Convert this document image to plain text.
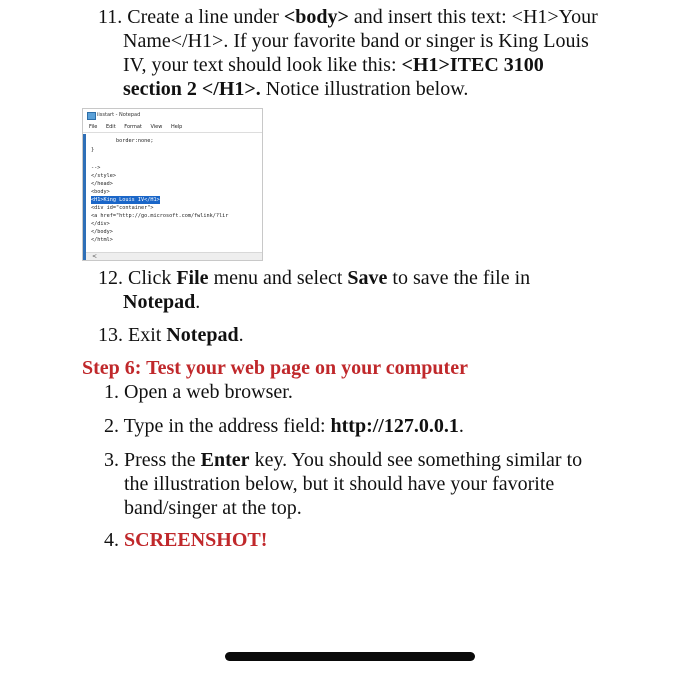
11. Create a line under <body> and insert this text: <H1>Your
Name</H1>. If your favorite band or singer is King Louis
IV, your text should look like this: <H1>ITEC 3100
section 2 </H1>. Notice illustration below.
iisstart - Notepad
File Edit Format View Help
border:none;
}
-->
</style>
</head>
<body>
<H1>King Louis IV</H1>
<div id="container">
<a href="http://go.microsoft.com/fwlink/?lir
</div>
</body>
</html>
<
12. Click File menu and select Save to save the file in
Notepad.
13. Exit Notepad.
Step 6: Test your web page on your computer
1. Open a web browser.
2. Type in the address field: http://127.0.0.1.
3. Press the Enter key. You should see something similar to
the illustration below, but it should have your favorite
band/singer at the top.
4. SCREENSHOT!
